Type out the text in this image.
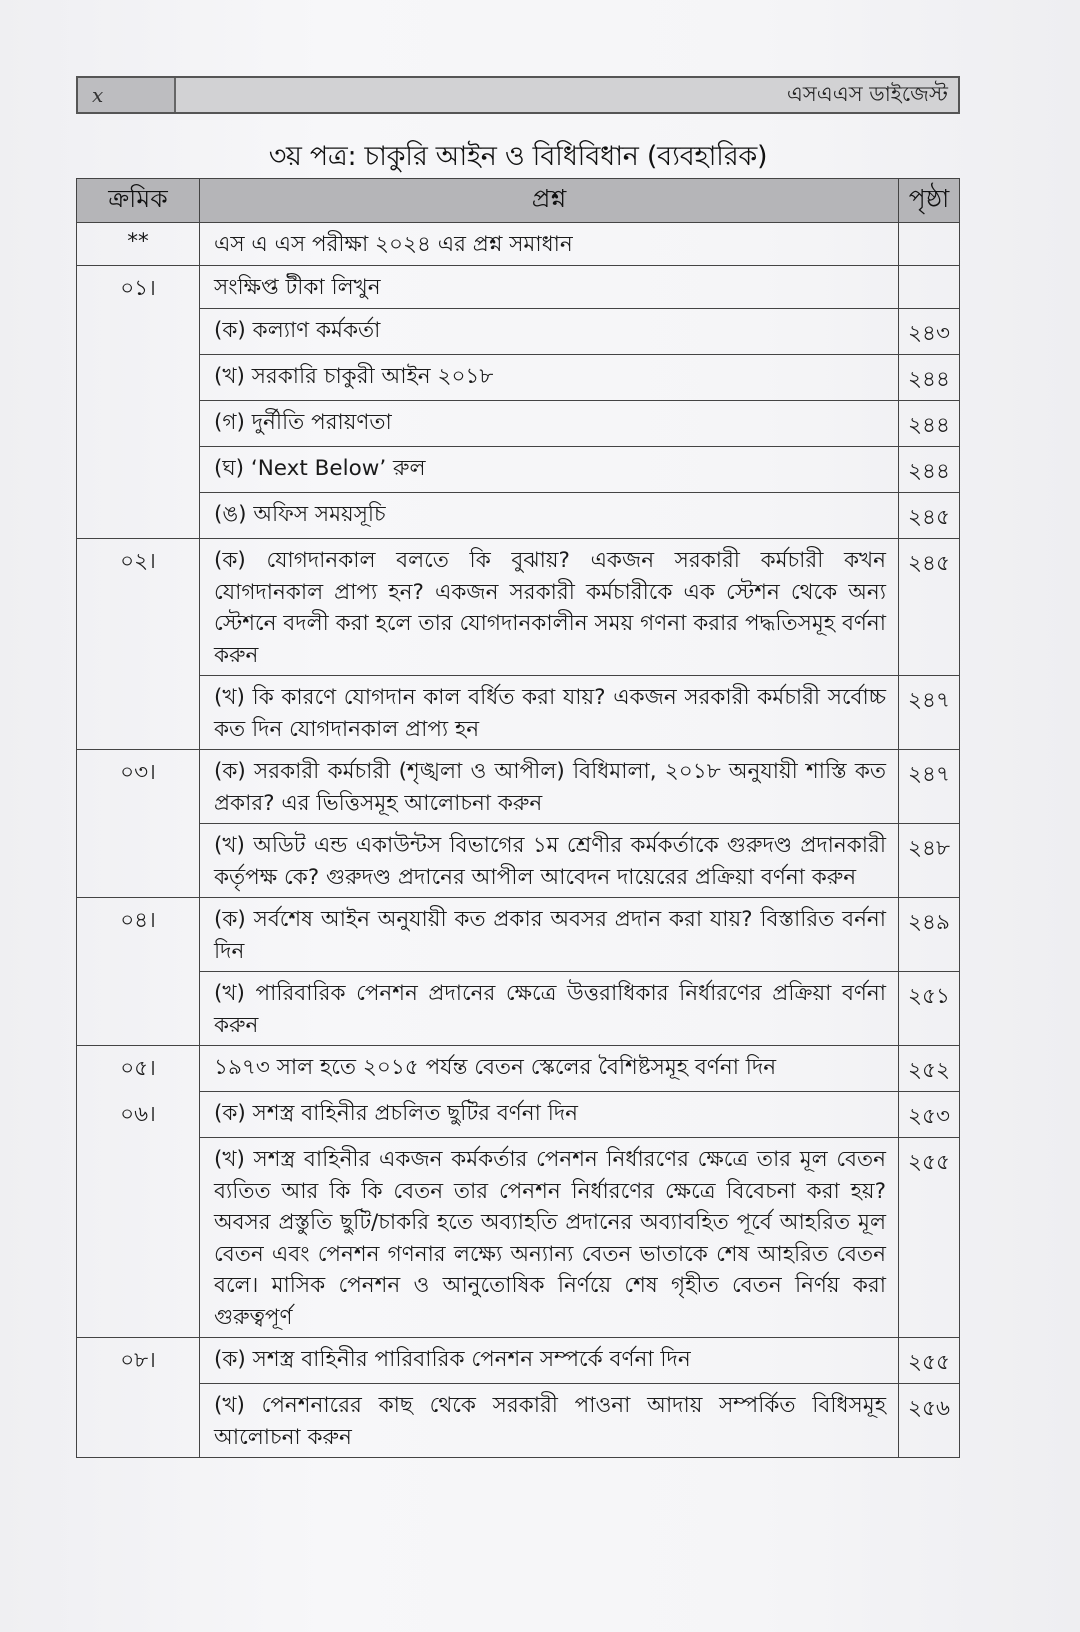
x	এসএএস ডাইজেস্ট
৩য় পত্র: চাকুরি আইন ও বিধিবিধান (ব্যবহারিক)
ক্রমিক	প্রশ্ন	পৃষ্ঠা
**	এস এ এস পরীক্ষা ২০২৪ এর প্রশ্ন সমাধান	
০১।	সংক্ষিপ্ত টীকা লিখুন	
	(ক) কল্যাণ কর্মকর্তা	২৪৩
	(খ) সরকারি চাকুরী আইন ২০১৮	২৪৪
	(গ) দুর্নীতি পরায়ণতা	২৪৪
	(ঘ) ‘Next Below’ রুল	২৪৪
	(ঙ) অফিস সময়সূচি	২৪৫
০২।	(ক) যোগদানকাল বলতে কি বুঝায়? একজন সরকারী কর্মচারী কখন যোগদানকাল প্রাপ্য হন? একজন সরকারী কর্মচারীকে এক স্টেশন থেকে অন্য স্টেশনে বদলী করা হলে তার যোগদানকালীন সময় গণনা করার পদ্ধতিসমূহ বর্ণনা করুন	২৪৫
	(খ) কি কারণে যোগদান কাল বর্ধিত করা যায়? একজন সরকারী কর্মচারী সর্বোচ্চ কত দিন যোগদানকাল প্রাপ্য হন	২৪৭
০৩।	(ক) সরকারী কর্মচারী (শৃঙ্খলা ও আপীল) বিধিমালা, ২০১৮ অনুযায়ী শাস্তি কত প্রকার? এর ভিত্তিসমূহ আলোচনা করুন	২৪৭
	(খ) অডিট এন্ড একাউন্টস বিভাগের ১ম শ্রেণীর কর্মকর্তাকে গুরুদণ্ড প্রদানকারী কর্তৃপক্ষ কে? গুরুদণ্ড প্রদানের আপীল আবেদন দায়েরের প্রক্রিয়া বর্ণনা করুন	২৪৮
০৪।	(ক) সর্বশেষ আইন অনুযায়ী কত প্রকার অবসর প্রদান করা যায়? বিস্তারিত বর্ননা দিন	২৪৯
	(খ) পারিবারিক পেনশন প্রদানের ক্ষেত্রে উত্তরাধিকার নির্ধারণের প্রক্রিয়া বর্ণনা করুন	২৫১
০৫।	১৯৭৩ সাল হতে ২০১৫ পর্যন্ত বেতন স্কেলের বৈশিষ্টসমূহ বর্ণনা দিন	২৫২
০৬।	(ক) সশস্ত্র বাহিনীর প্রচলিত ছুটির বর্ণনা দিন	২৫৩
	(খ) সশস্ত্র বাহিনীর একজন কর্মকর্তার পেনশন নির্ধারণের ক্ষেত্রে তার মূল বেতন ব্যতিত আর কি কি বেতন তার পেনশন নির্ধারণের ক্ষেত্রে বিবেচনা করা হয়? অবসর প্রস্তুতি ছুটি/চাকরি হতে অব্যাহতি প্রদানের অব্যাবহিত পূর্বে আহরিত মূল বেতন এবং পেনশন গণনার লক্ষ্যে অন্যান্য বেতন ভাতাকে শেষ আহরিত বেতন বলে। মাসিক পেনশন ও আনুতোষিক নির্ণয়ে শেষ গৃহীত বেতন নির্ণয় করা গুরুত্বপূর্ণ	২৫৫
০৮।	(ক) সশস্ত্র বাহিনীর পারিবারিক পেনশন সম্পর্কে বর্ণনা দিন	২৫৫
	(খ) পেনশনারের কাছ থেকে সরকারী পাওনা আদায় সম্পর্কিত বিধিসমূহ আলোচনা করুন	২৫৬
